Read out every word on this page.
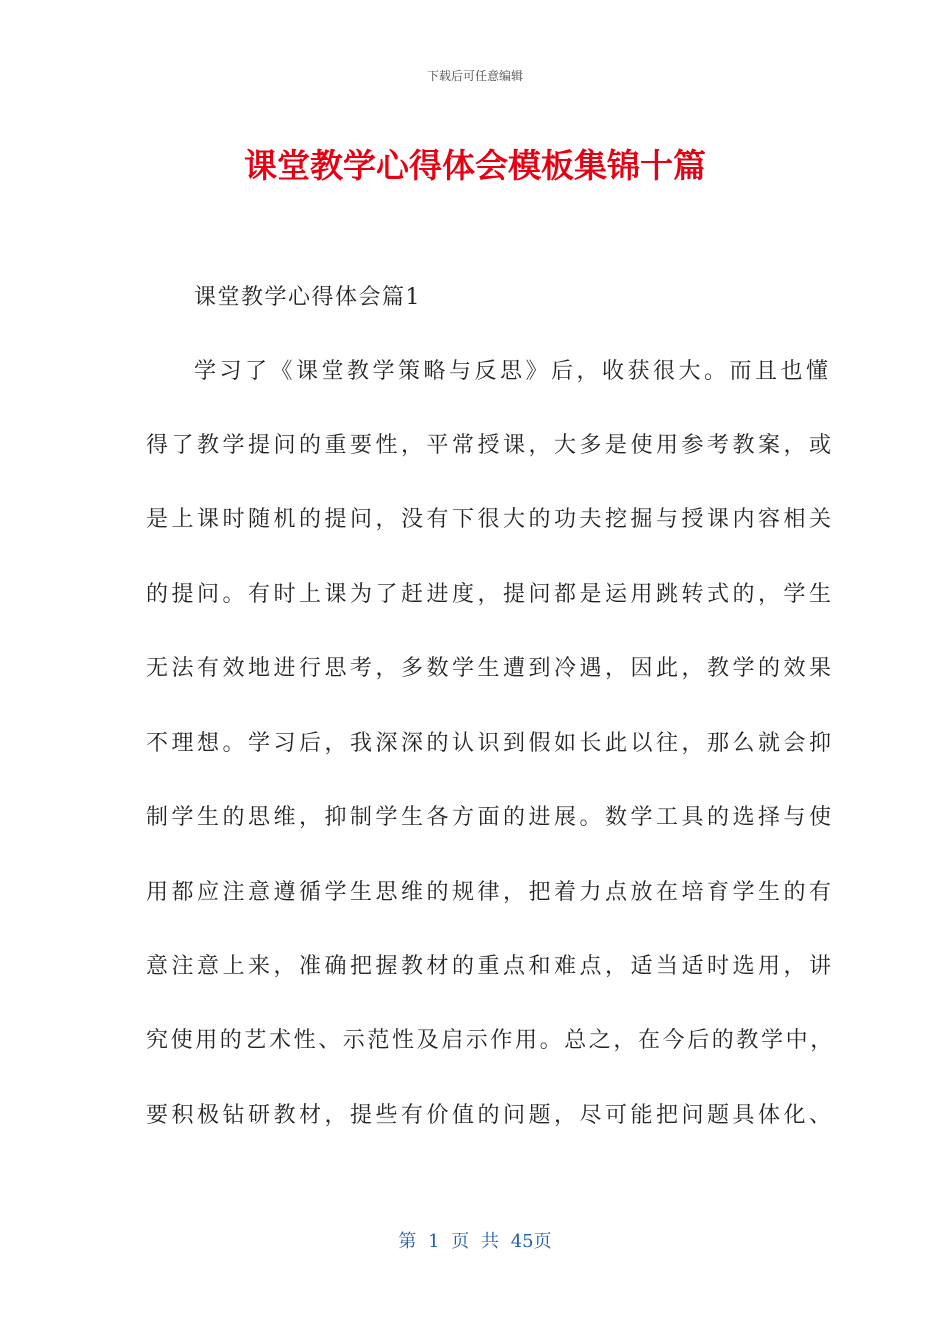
下载后可任意编辑
课堂教学心得体会模板集锦十篇
课堂教学心得体会篇1
学习了《课堂教学策略与反思》后，收获很大。而且也懂
得了教学提问的重要性，平常授课，大多是使用参考教案，或
是上课时随机的提问，没有下很大的功夫挖掘与授课内容相关
的提问。有时上课为了赶进度，提问都是运用跳转式的，学生
无法有效地进行思考，多数学生遭到冷遇，因此，教学的效果
不理想。学习后，我深深的认识到假如长此以往，那么就会抑
制学生的思维，抑制学生各方面的进展。数学工具的选择与使
用都应注意遵循学生思维的规律，把着力点放在培育学生的有
意注意上来，准确把握教材的重点和难点，适当适时选用，讲
究使用的艺术性、示范性及启示作用。总之，在今后的教学中，
要积极钻研教材，提些有价值的问题，尽可能把问题具体化、
第 1 页 共 45页
